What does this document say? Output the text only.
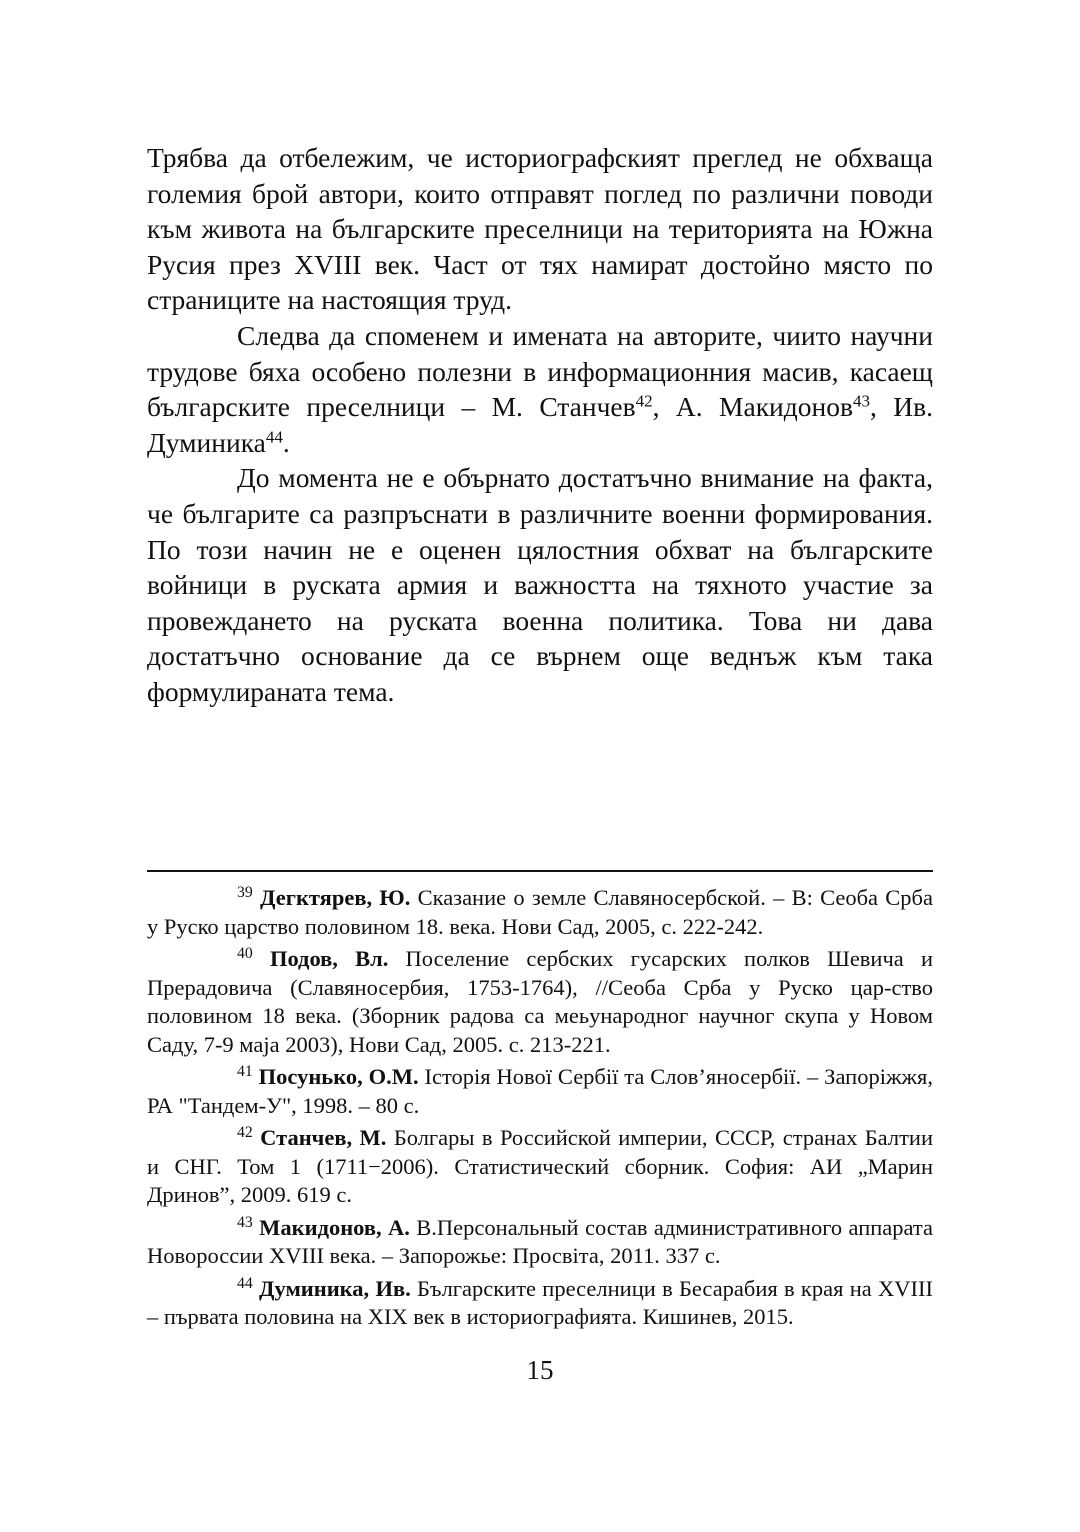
Трябва да отбележим, че историографският преглед не обхваща големия брой автори, които отправят поглед по различни поводи към живота на българските преселници на територията на Южна Русия през XVIII век. Част от тях намират достойно място по страниците на настоящия труд.

Следва да споменем и имената на авторите, чиито научни трудове бяха особено полезни в информационния масив, касаещ българските преселници – М. Станчев$^{42}$, А. Макидонов$^{43}$, Ив. Думиника$^{44}$.

До момента не е обърнато достатъчно внимание на факта, че българите са разпръснати в различните военни формирования. По този начин не е оценен цялостния обхват на българските войници в руската армия и важността на тяхното участие за провеждането на руската военна политика. Това ни дава достатъчно основание да се върнем още веднъж към така формулираната тема.

$^{39}$ Дегктярев, Ю. Сказание о земле Славяносербской. – В: Сеоба Срба у Руско царство половином 18. века. Нови Сад, 2005, с. 222-242.

$^{40}$ Подов, Вл. Поселение сербских гусарских полков Шевича и Прерадовича (Славяносербия, 1753-1764), //Сеоба Срба у Руско цар-ство половином 18 века. (Зборник радова са меьународног научног скупа у Новом Саду, 7-9 маја 2003), Нови Сад, 2005. с. 213-221.

$^{41}$ Посунько, О.М. Історія Нової Сербії та Слов’яносербії. – Запоріжжя, РА "Тандем-У", 1998. – 80 с.

$^{42}$ Станчев, М. Болгары в Российской империи, СССР, странах Балтии и СНГ. Том 1 (1711−2006). Статистический сборник. София: АИ „Марин Дринов”, 2009. 619 с.

$^{43}$ Макидонов, А. В.Персональный состав административного аппарата Новороссии XVIII века. – Запорожье: Просвіта, 2011. 337 с.

$^{44}$ Думиника, Ив. Българските преселници в Бесарабия в края на XVIII – първата половина на XIX век в историографията. Кишинев, 2015.

15
